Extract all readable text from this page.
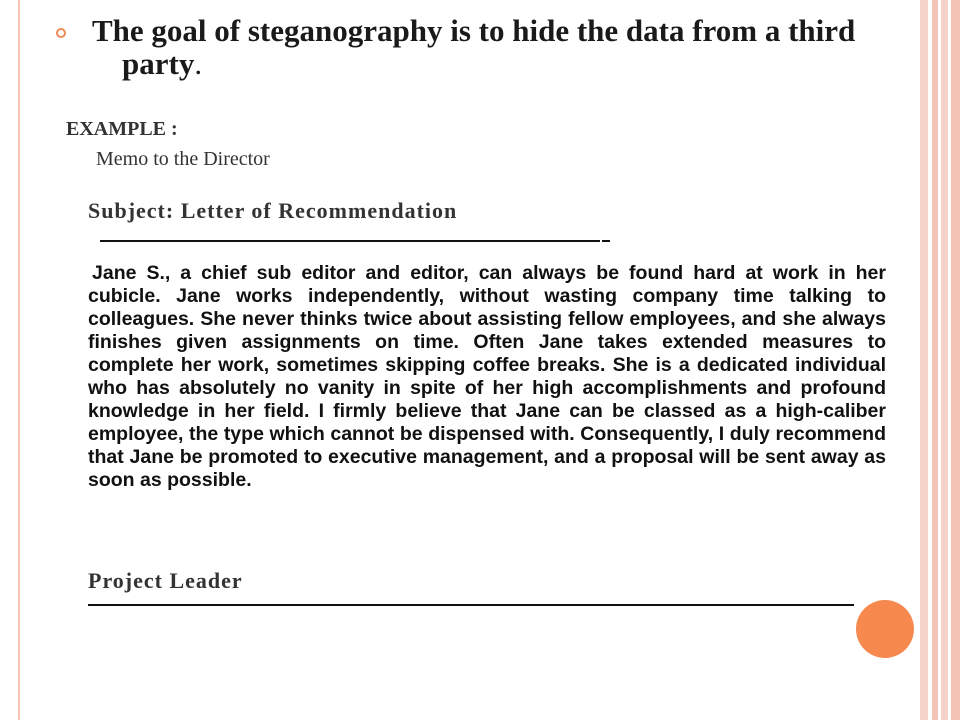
The goal of steganography is to hide the data from a third party.
EXAMPLE :
Memo to the Director
Subject: Letter of Recommendation
Jane S., a chief sub editor and editor, can always be found hard at work in her cubicle. Jane works independently, without wasting company time talking to colleagues. She never thinks twice about assisting fellow employees, and she always finishes given assignments on time. Often Jane takes extended measures to complete her work, sometimes skipping coffee breaks. She is a dedicated individual who has absolutely no vanity in spite of her high accomplishments and profound knowledge in her field. I firmly believe that Jane can be classed as a high-caliber employee, the type which cannot be dispensed with. Consequently, I duly recommend that Jane be promoted to executive management, and a proposal will be sent away as soon as possible.
Project Leader
